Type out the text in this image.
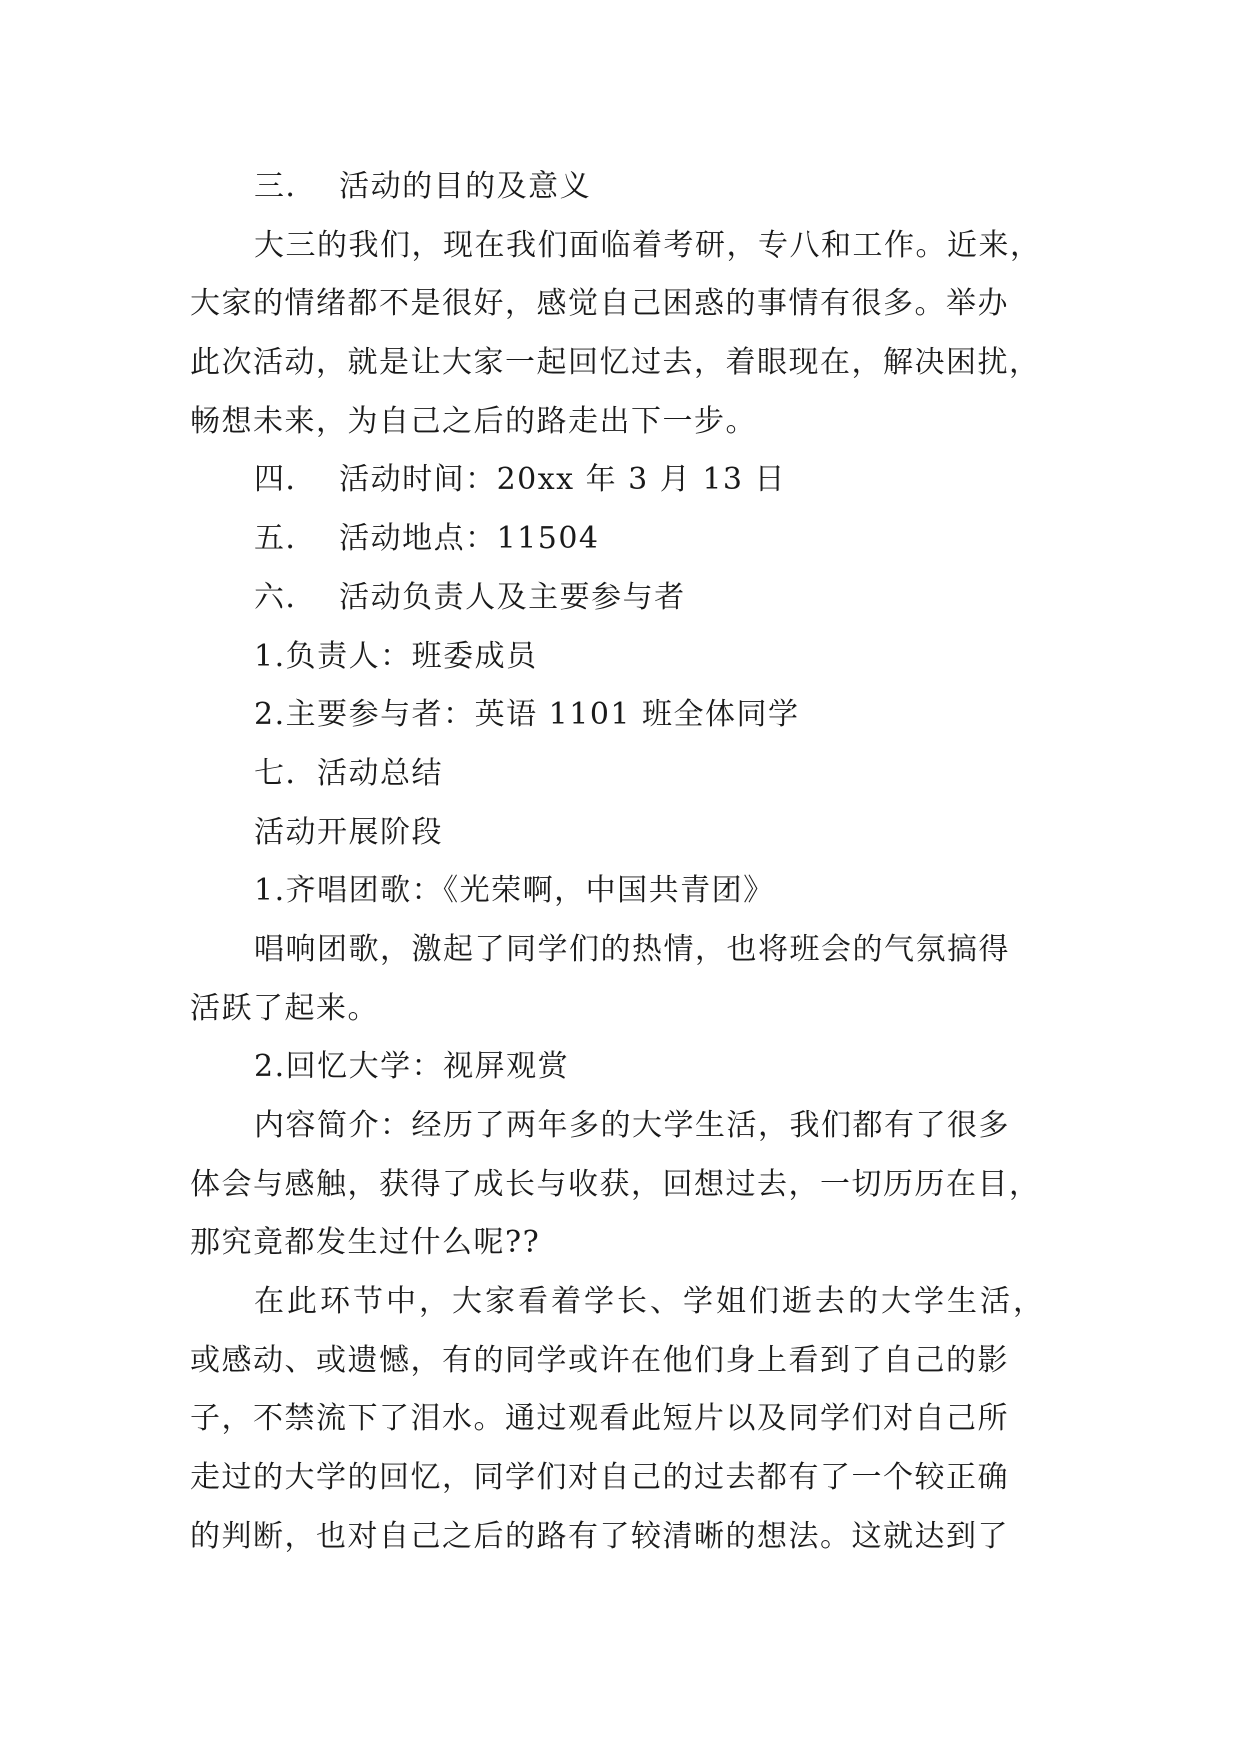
三．  活动的目的及意义
大三的我们，现在我们面临着考研，专八和工作。近来，
大家的情绪都不是很好，感觉自己困惑的事情有很多。举办
此次活动，就是让大家一起回忆过去，着眼现在，解决困扰，
畅想未来，为自己之后的路走出下一步。
四．  活动时间：20xx 年 3 月 13 日
五．  活动地点：11504
六．  活动负责人及主要参与者
1.负责人：班委成员
2.主要参与者：英语 1101 班全体同学
七．活动总结
活动开展阶段
1.齐唱团歌：《光荣啊，中国共青团》
唱响团歌，激起了同学们的热情，也将班会的气氛搞得
活跃了起来。
2.回忆大学：视屏观赏
内容简介：经历了两年多的大学生活，我们都有了很多
体会与感触，获得了成长与收获，回想过去，一切历历在目，
那究竟都发生过什么呢??
在此环节中，大家看着学长、学姐们逝去的大学生活，
或感动、或遗憾，有的同学或许在他们身上看到了自己的影
子，不禁流下了泪水。通过观看此短片以及同学们对自己所
走过的大学的回忆，同学们对自己的过去都有了一个较正确
的判断，也对自己之后的路有了较清晰的想法。这就达到了
